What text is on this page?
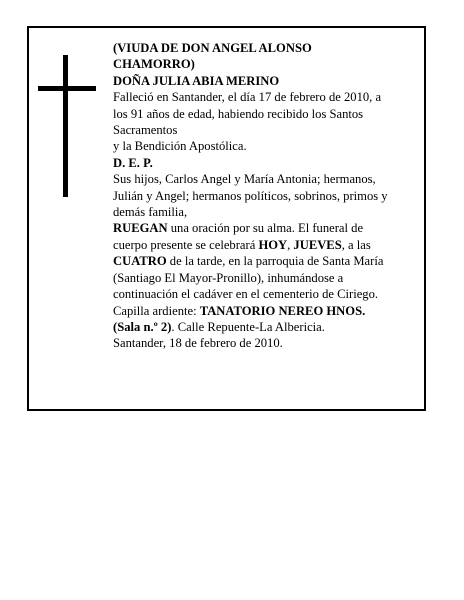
(VIUDA DE DON ANGEL ALONSO

CHAMORRO)

DOÑA JULIA ABIA MERINO

Falleció en Santander, el día 17 de febrero de 2010, a

los 91 años de edad, habiendo recibido los Santos

Sacramentos

y la Bendición Apostólica.

D. E. P.

Sus hijos, Carlos Angel y María Antonia; hermanos,

Julián y Angel; hermanos políticos, sobrinos, primos y

demás familia,

RUEGAN una oración por su alma. El funeral de

cuerpo presente se celebrará HOY, JUEVES, a las

CUATRO de la tarde, en la parroquia de Santa María

(Santiago El Mayor-Pronillo), inhumándose a

continuación el cadáver en el cementerio de Ciriego.

Capilla ardiente: TANATORIO NEREO HNOS.

(Sala n.º 2). Calle Repuente-La Albericia.

Santander, 18 de febrero de 2010.
